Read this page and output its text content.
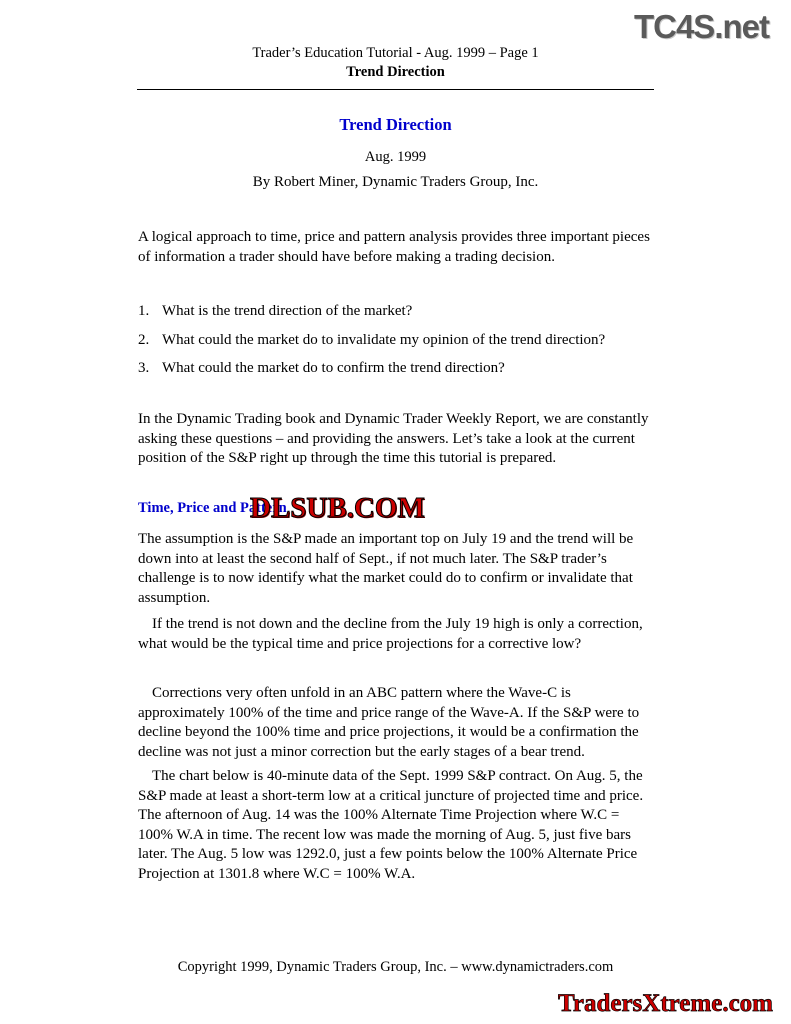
TC4S.net
Trader’s Education Tutorial - Aug. 1999 – Page 1
Trend Direction
Trend Direction
Aug. 1999
By Robert Miner, Dynamic Traders Group, Inc.
A logical approach to time, price and pattern analysis provides three important pieces of information a trader should have before making a trading decision.
1. What is the trend direction of the market?
2. What could the market do to invalidate my opinion of the trend direction?
3. What could the market do to confirm the trend direction?
In the Dynamic Trading book and Dynamic Trader Weekly Report, we are constantly asking these questions – and providing the answers. Let’s take a look at the current position of the S&P right up through the time this tutorial is prepared.
Time, Price and Pattern
DLSUB.COM
The assumption is the S&P made an important top on July 19 and the trend will be down into at least the second half of Sept., if not much later. The S&P trader’s challenge is to now identify what the market could do to confirm or invalidate that assumption.
If the trend is not down and the decline from the July 19 high is only a correction, what would be the typical time and price projections for a corrective low?
Corrections very often unfold in an ABC pattern where the Wave-C is approximately 100% of the time and price range of the Wave-A. If the S&P were to decline beyond the 100% time and price projections, it would be a confirmation the decline was not just a minor correction but the early stages of a bear trend.
The chart below is 40-minute data of the Sept. 1999 S&P contract. On Aug. 5, the S&P made at least a short-term low at a critical juncture of projected time and price. The afternoon of Aug. 14 was the 100% Alternate Time Projection where W.C = 100% W.A in time. The recent low was made the morning of Aug. 5, just five bars later. The Aug. 5 low was 1292.0, just a few points below the 100% Alternate Price Projection at 1301.8 where W.C = 100% W.A.
Copyright 1999, Dynamic Traders Group, Inc. – www.dynamictraders.com
TradersXtreme.com
